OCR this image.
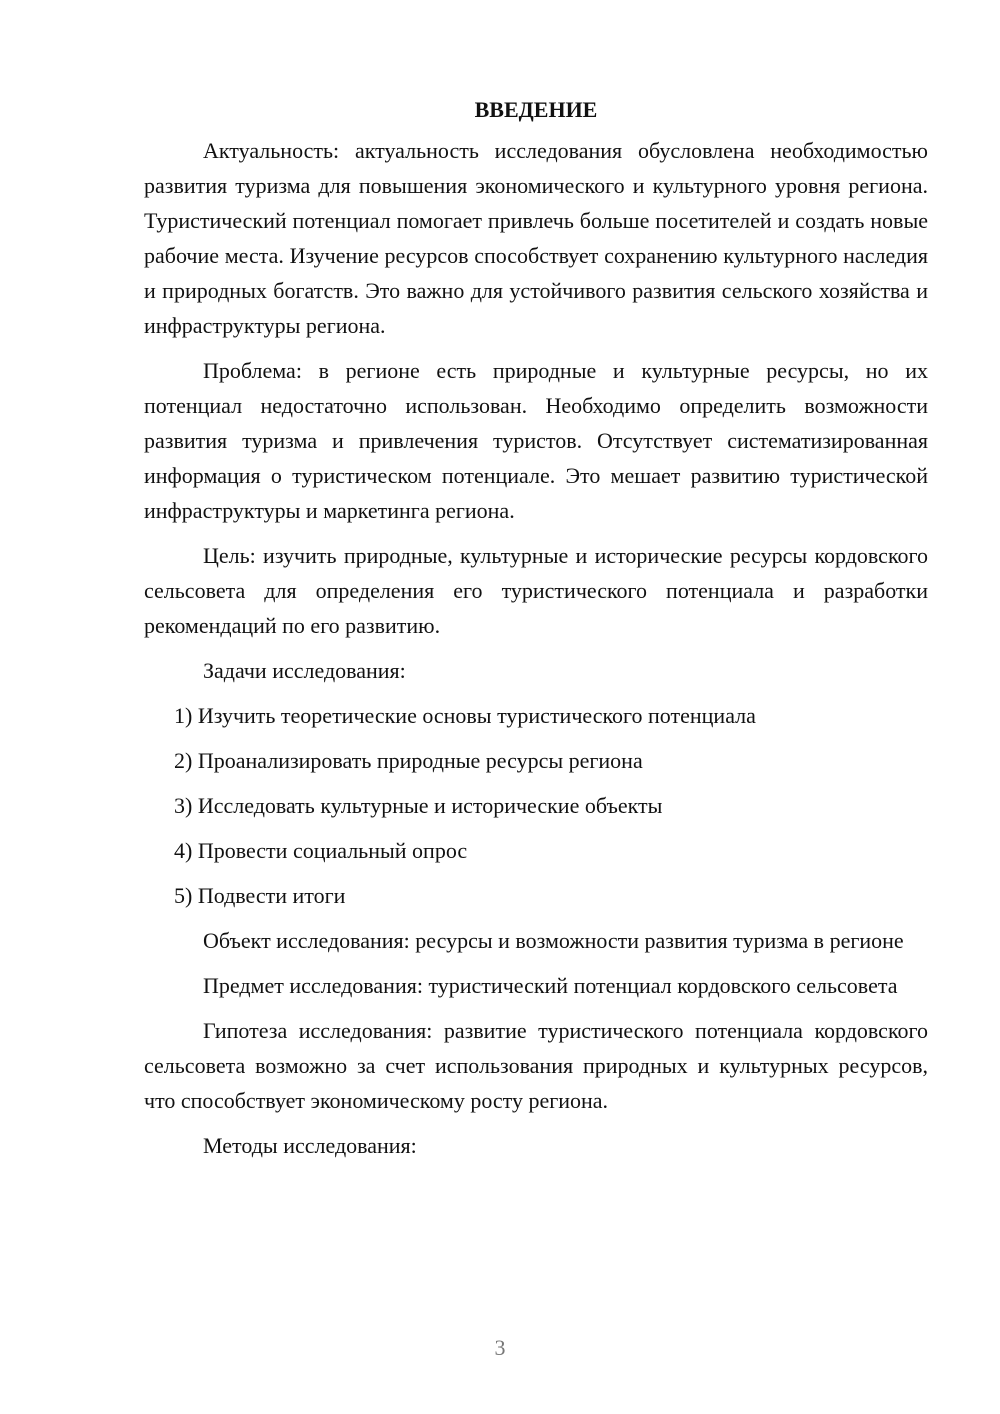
ВВЕДЕНИЕ

Актуальность: актуальность исследования обусловлена необходимостью развития туризма для повышения экономического и культурного уровня региона. Туристический потенциал помогает привлечь больше посетителей и создать новые рабочие места. Изучение ресурсов способствует сохранению культурного наследия и природных богатств. Это важно для устойчивого развития сельского хозяйства и инфраструктуры региона.

Проблема: в регионе есть природные и культурные ресурсы, но их потенциал недостаточно использован. Необходимо определить возможности развития туризма и привлечения туристов. Отсутствует систематизированная информация о туристическом потенциале. Это мешает развитию туристической инфраструктуры и маркетинга региона.

Цель: изучить природные, культурные и исторические ресурсы кордовского сельсовета для определения его туристического потенциала и разработки рекомендаций по его развитию.

Задачи исследования:

1) Изучить теоретические основы туристического потенциала

2) Проанализировать природные ресурсы региона

3) Исследовать культурные и исторические объекты

4) Провести социальный опрос

5) Подвести итоги

Объект исследования: ресурсы и возможности развития туризма в регионе

Предмет исследования: туристический потенциал кордовского сельсовета

Гипотеза исследования: развитие туристического потенциала кордовского сельсовета возможно за счет использования природных и культурных ресурсов, что способствует экономическому росту региона.

Методы исследования:

3
